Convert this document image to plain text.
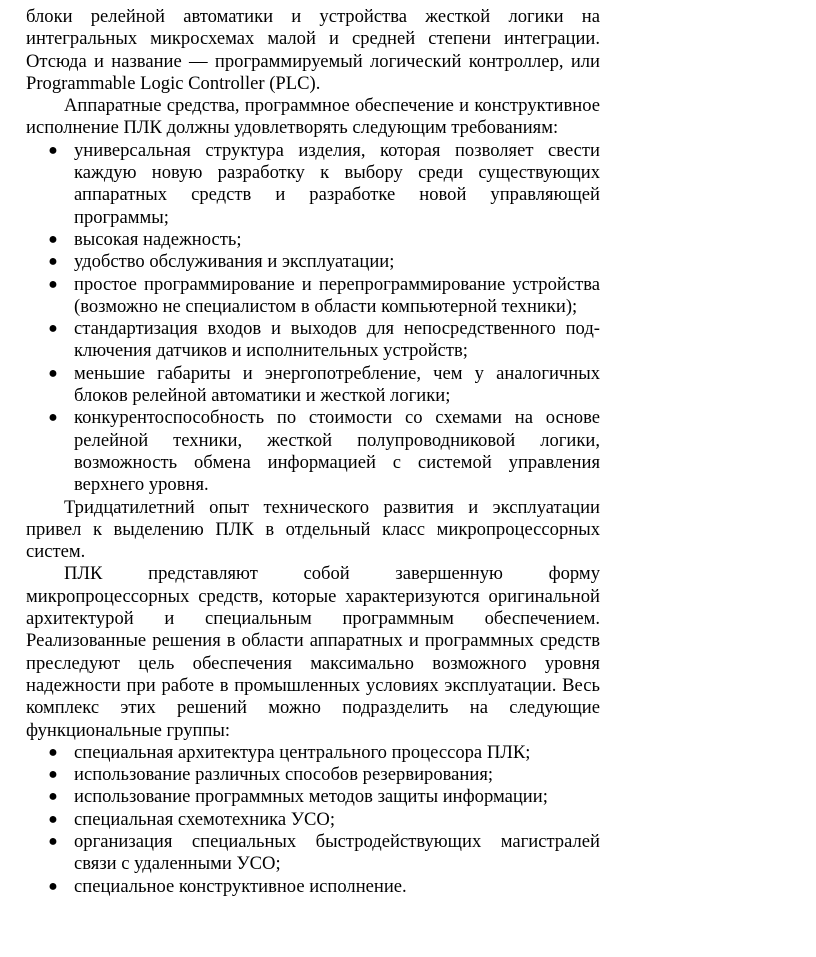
блоки релейной автоматики и устройства жесткой логики на интегральных микросхемах малой и средней степени интеграции. Отсюда и название — программируемый логический контроллер, или Programmable Logic Controller (PLC).

Аппаратные средства, программное обеспечение и конструктивное исполнение ПЛК должны удовлетворять следующим требованиям:

● универсальная структура изделия, которая позволяет свести каждую новую разработку к выбору среди существующих аппаратных средств и разработке новой управляющей программы;
● высокая надежность;
● удобство обслуживания и эксплуатации;
● простое программирование и перепрограммирование устройства (возможно не специалистом в области компьютерной техники);
● стандартизация входов и выходов для непосредственного подключения датчиков и исполнительных устройств;
● меньшие габариты и энергопотребление, чем у аналогичных блоков релейной автоматики и жесткой логики;
● конкурентоспособность по стоимости со схемами на основе релейной техники, жесткой полупроводниковой логики, возможность обмена информацией с системой управления верхнего уровня.

Тридцатилетний опыт технического развития и эксплуатации привел к выделению ПЛК в отдельный класс микропроцессорных систем.

ПЛК представляют собой завершенную форму микропроцессорных средств, которые характеризуются оригинальной архитектурой и специальным программным обеспечением. Реализованные решения в области аппаратных и программных средств преследуют цель обеспечения максимально возможного уровня надежности при работе в промышленных условиях эксплуатации. Весь комплекс этих решений можно подразделить на следующие функциональные группы:

● специальная архитектура центрального процессора ПЛК;
● использование различных способов резервирования;
● использование программных методов защиты информации;
● специальная схемотехника УСО;
● организация специальных быстродействующих магистралей связи с удаленными УСО;
● специальное конструктивное исполнение.
